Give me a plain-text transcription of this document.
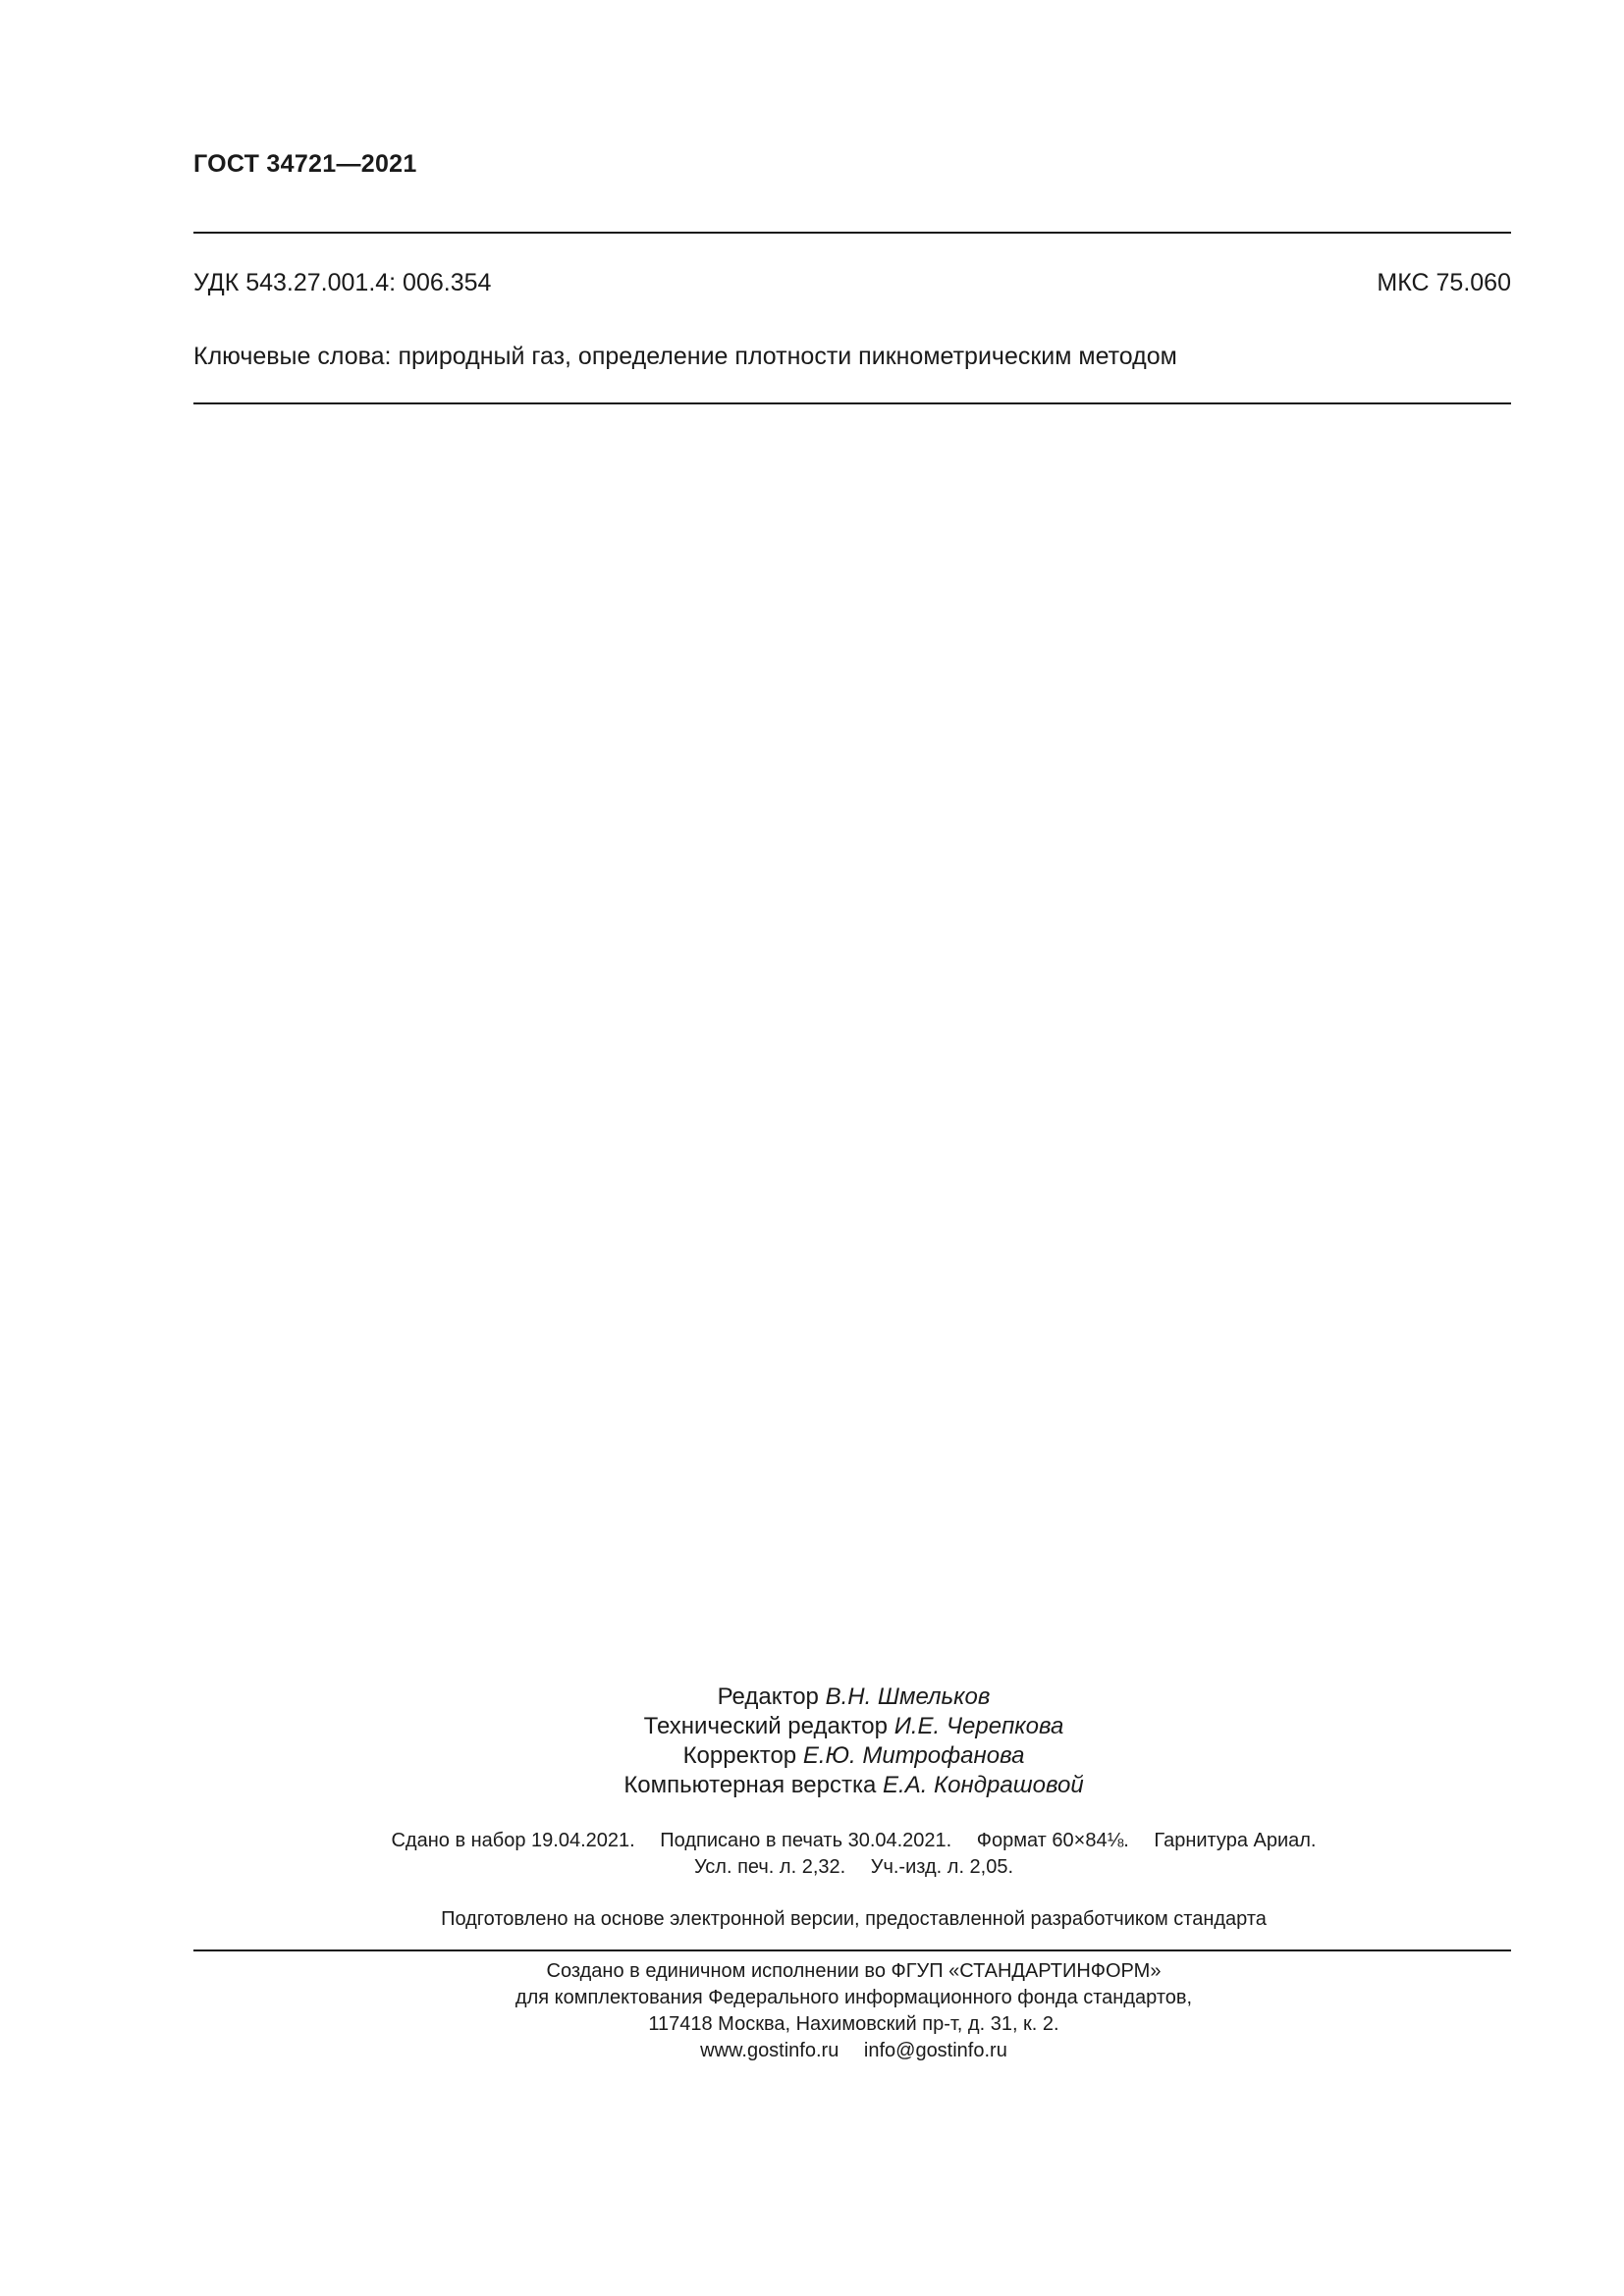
ГОСТ 34721—2021
УДК 543.27.001.4: 006.354	МКС 75.060
Ключевые слова: природный газ, определение плотности пикнометрическим методом
Редактор В.Н. Шмельков
Технический редактор И.Е. Черепкова
Корректор Е.Ю. Митрофанова
Компьютерная верстка Е.А. Кондрашовой
Сдано в набор 19.04.2021. Подписано в печать 30.04.2021. Формат 60×84⅛. Гарнитура Ариал.
Усл. печ. л. 2,32. Уч.-изд. л. 2,05.
Подготовлено на основе электронной версии, предоставленной разработчиком стандарта
Создано в единичном исполнении во ФГУП «СТАНДАРТИНФОРМ»
для комплектования Федерального информационного фонда стандартов,
117418 Москва, Нахимовский пр-т, д. 31, к. 2.
www.gostinfo.ru info@gostinfo.ru
